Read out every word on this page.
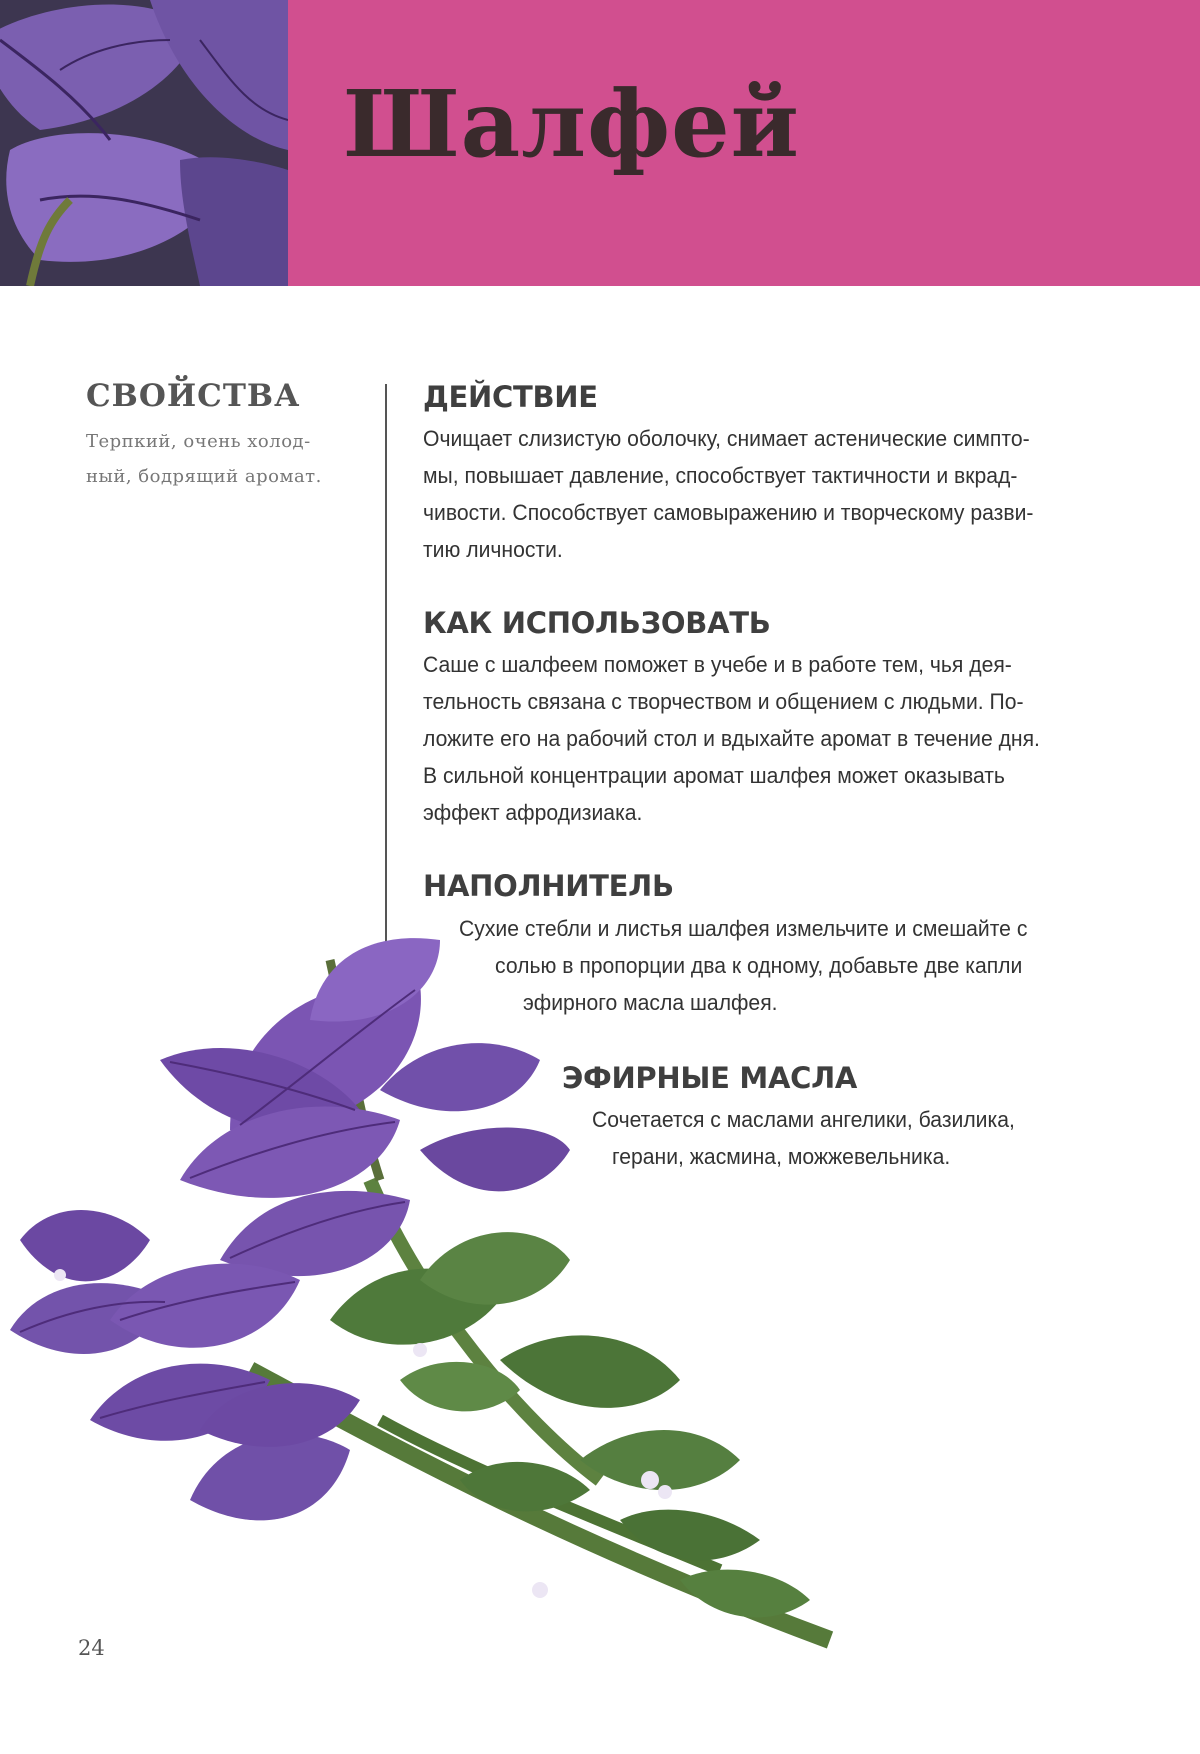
Шалфей
СВОЙСТВА

Терпкий, очень холод-
ный, бодрящий аромат.

ДЕЙСТВИЕ

Очищает слизистую оболочку, снимает астенические симпто-

мы, повышает давление, способствует тактичности и вкрад-

чивости. Способствует самовыражению и творческому разви-

тию личности.

КАК ИСПОЛЬЗОВАТЬ

Саше с шалфеем поможет в учебе и в работе тем, чья дея-

тельность связана с творчеством и общением с людьми. По-

ложите его на рабочий стол и вдыхайте аромат в течение дня.

В сильной концентрации аромат шалфея может оказывать

эффект афродизиака.

НАПОЛНИТЕЛЬ

Сухие стебли и листья шалфея измельчите и смешайте с

солью в пропорции два к одному, добавьте две капли

эфирного масла шалфея.

ЭФИРНЫЕ МАСЛА

Сочетается с маслами ангелики, базилика,

герани, жасмина, можжевельника.

24
